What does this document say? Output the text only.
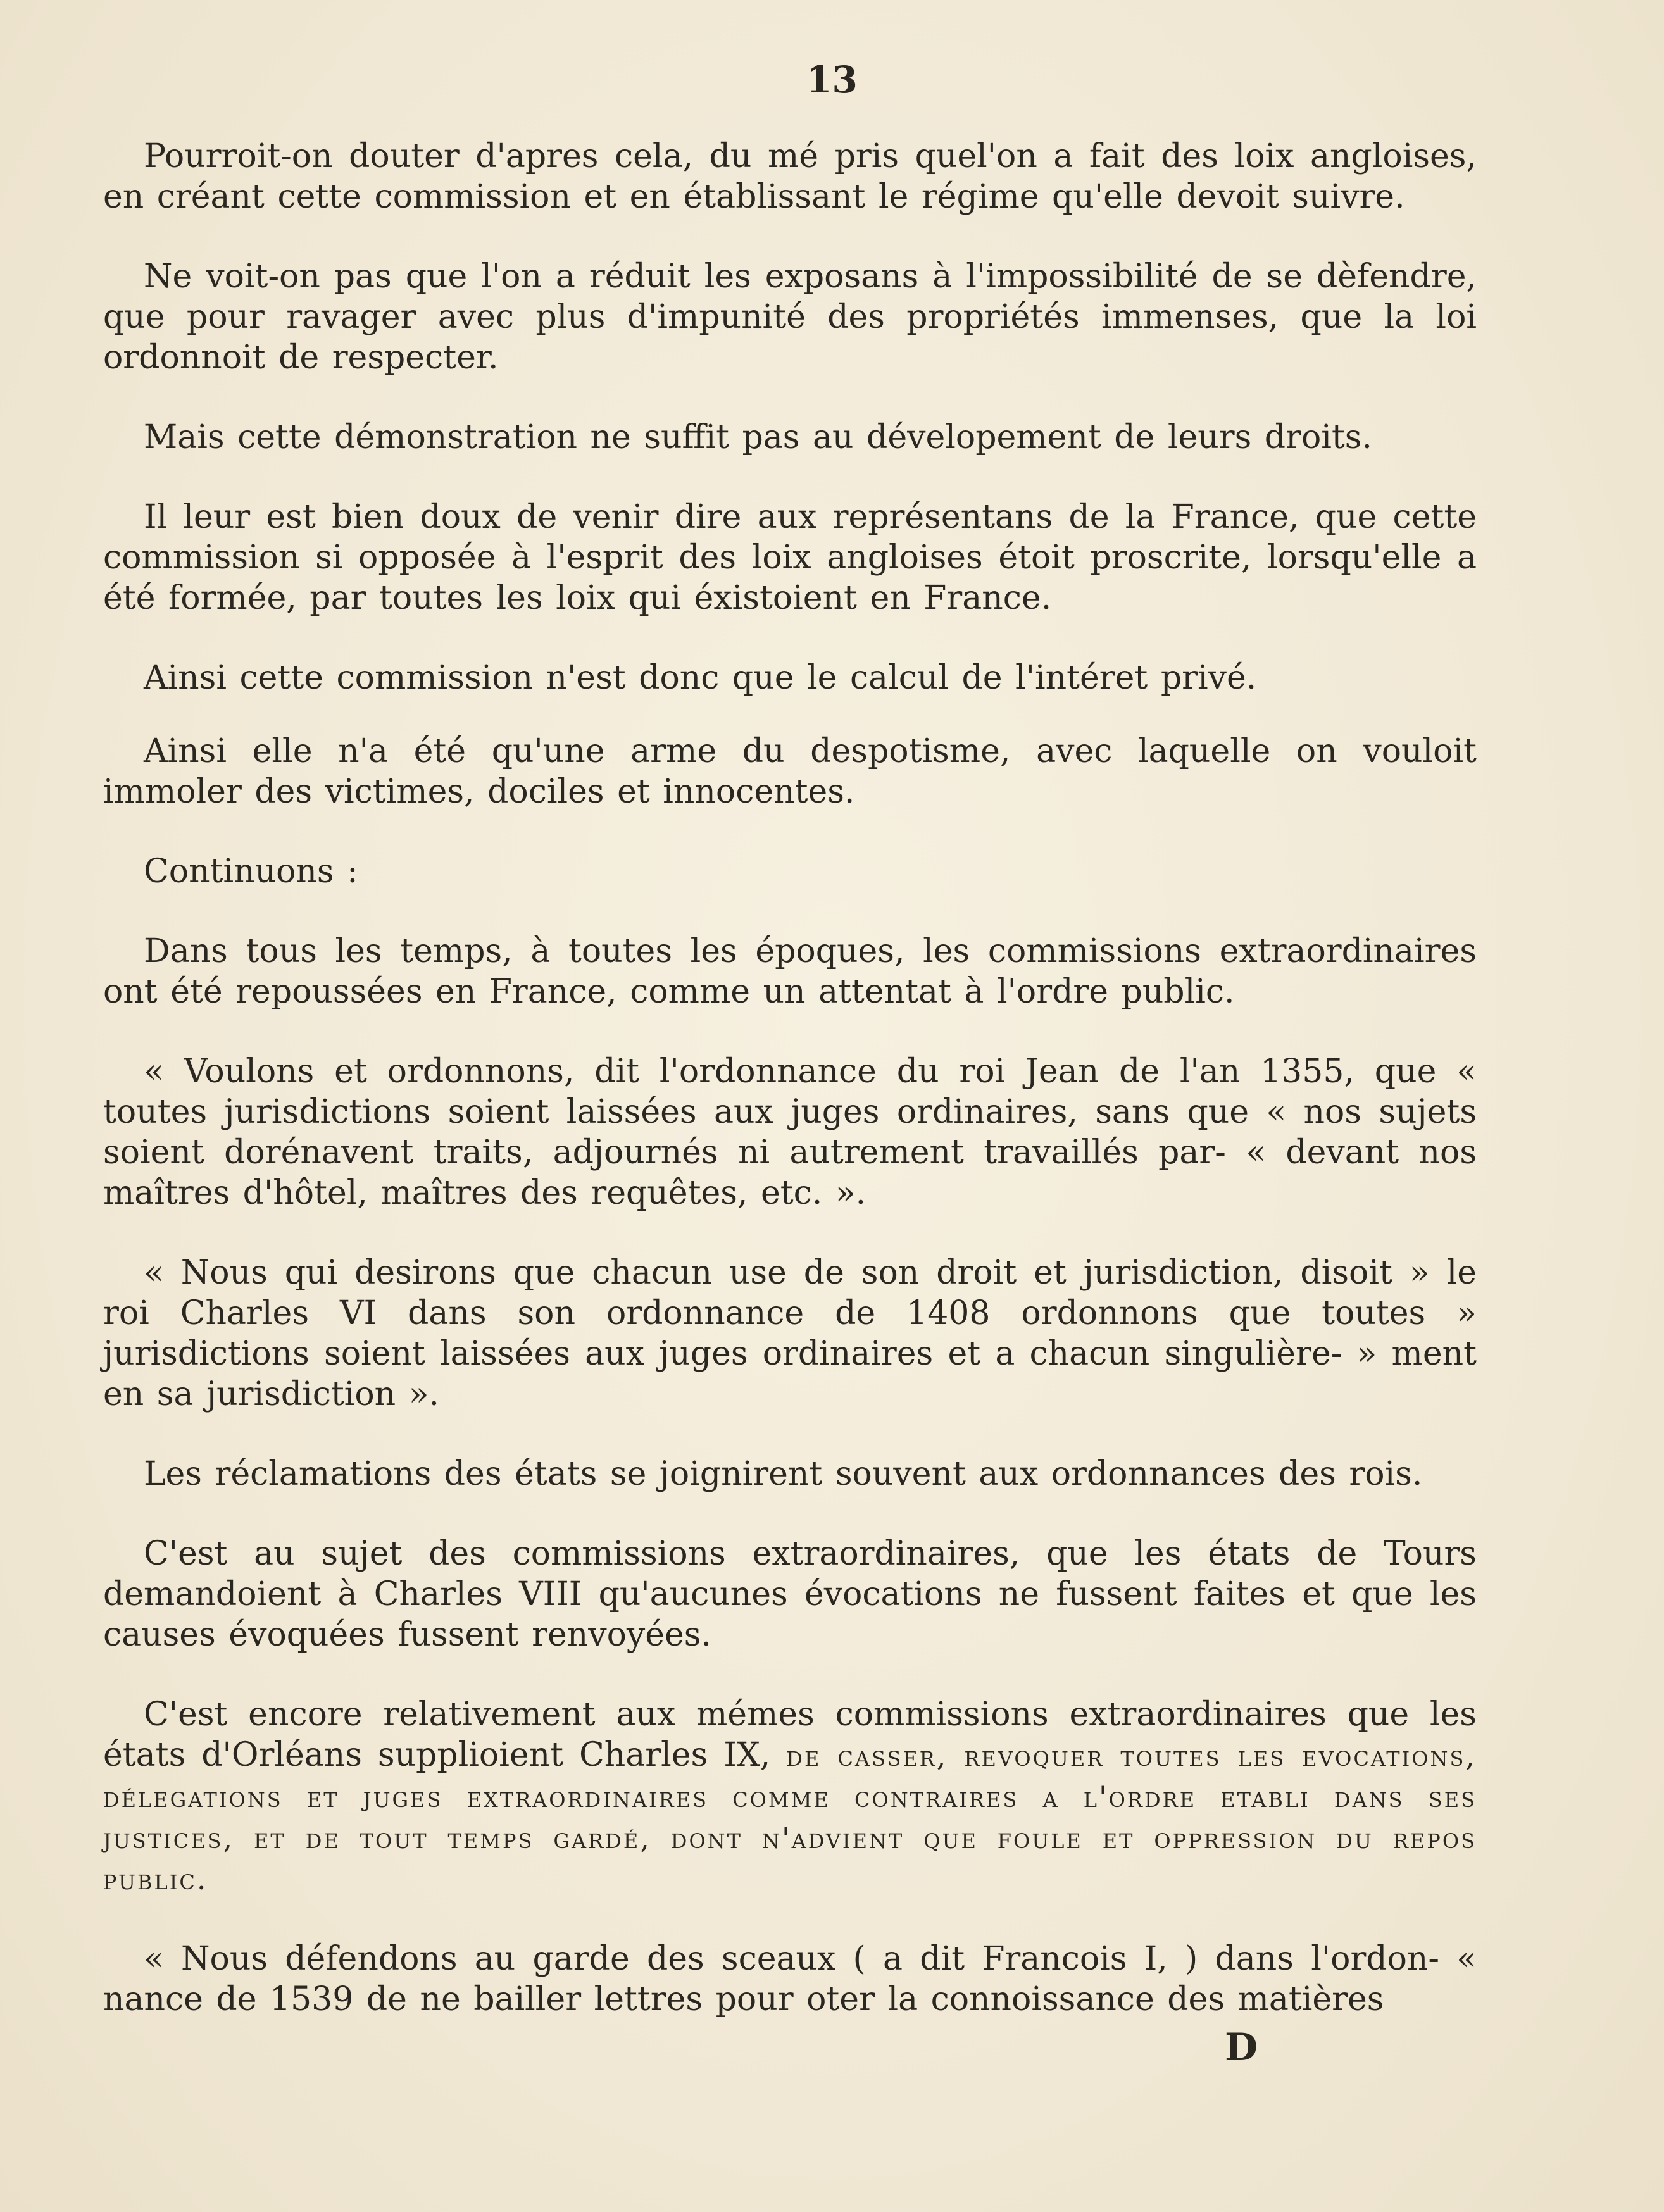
13

Pourroit-on douter d'apres cela, du mé pris quel'on a fait des loix angloises, en créant cette commission et en établissant le régime qu'elle devoit suivre.

Ne voit-on pas que l'on a réduit les exposans à l'impossibilité de se dèfendre, que pour ravager avec plus d'impunité des propriétés immenses, que la loi ordonnoit de respecter.

Mais cette démonstration ne suffit pas au dévelopement de leurs droits.

Il leur est bien doux de venir dire aux représentans de la France, que cette commission si opposée à l'esprit des loix angloises étoit proscrite, lorsqu'elle a été formée, par toutes les loix qui éxistoient en France.

Ainsi cette commission n'est donc que le calcul de l'intéret privé.

Ainsi elle n'a été qu'une arme du despotisme, avec laquelle on vouloit immoler des victimes, dociles et innocentes.

Continuons :

Dans tous les temps, à toutes les époques, les commissions extraordinaires ont été repoussées en France, comme un attentat à l'ordre public.

« Voulons et ordonnons, dit l'ordonnance du roi Jean de l'an 1355, que « toutes jurisdictions soient laissées aux juges ordinaires, sans que « nos sujets soient dorénavent traits, adjournés ni autrement travaillés par- « devant nos maîtres d'hôtel, maîtres des requêtes, etc. ».

« Nous qui desirons que chacun use de son droit et jurisdiction, disoit » le roi Charles VI dans son ordonnance de 1408 ordonnons que toutes » jurisdictions soient laissées aux juges ordinaires et a chacun singulière- » ment en sa jurisdiction ».

Les réclamations des états se joignirent souvent aux ordonnances des rois.

C'est au sujet des commissions extraordinaires, que les états de Tours demandoient à Charles VIII qu'aucunes évocations ne fussent faites et que les causes évoquées fussent renvoyées.

C'est encore relativement aux mémes commissions extraordinaires que les états d'Orléans supplioient Charles IX, de casser, revoquer toutes les evocations, délegations et juges extraordinaires comme contraires a l'ordre etabli dans ses justices, et de tout temps gardé, dont n'advient que foule et oppression du repos public.

« Nous défendons au garde des sceaux ( a dit Francois I, ) dans l'ordon- « nance de 1539 de ne bailler lettres pour oter la connoissance des matières

D
